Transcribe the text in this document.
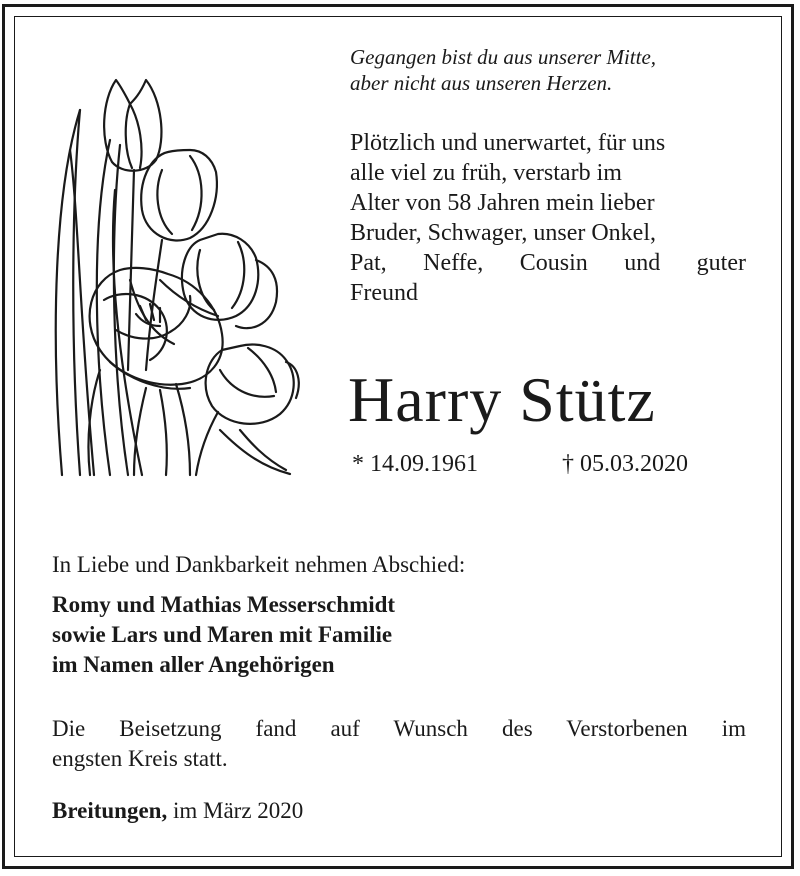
Gegangen bist du aus unserer Mitte,
aber nicht aus unseren Herzen.
Plötzlich und unerwartet, für uns
alle viel zu früh, verstarb im
Alter von 58 Jahren mein lieber
Bruder, Schwager, unser Onkel,
Pat, Neffe, Cousin und guter
Freund
Harry Stütz
* 14.09.1961	† 05.03.2020
In Liebe und Dankbarkeit nehmen Abschied:
Romy und Mathias Messerschmidt
sowie Lars und Maren mit Familie
im Namen aller Angehörigen
Die Beisetzung fand auf Wunsch des Verstorbenen im
engsten Kreis statt.
Breitungen, im März 2020
